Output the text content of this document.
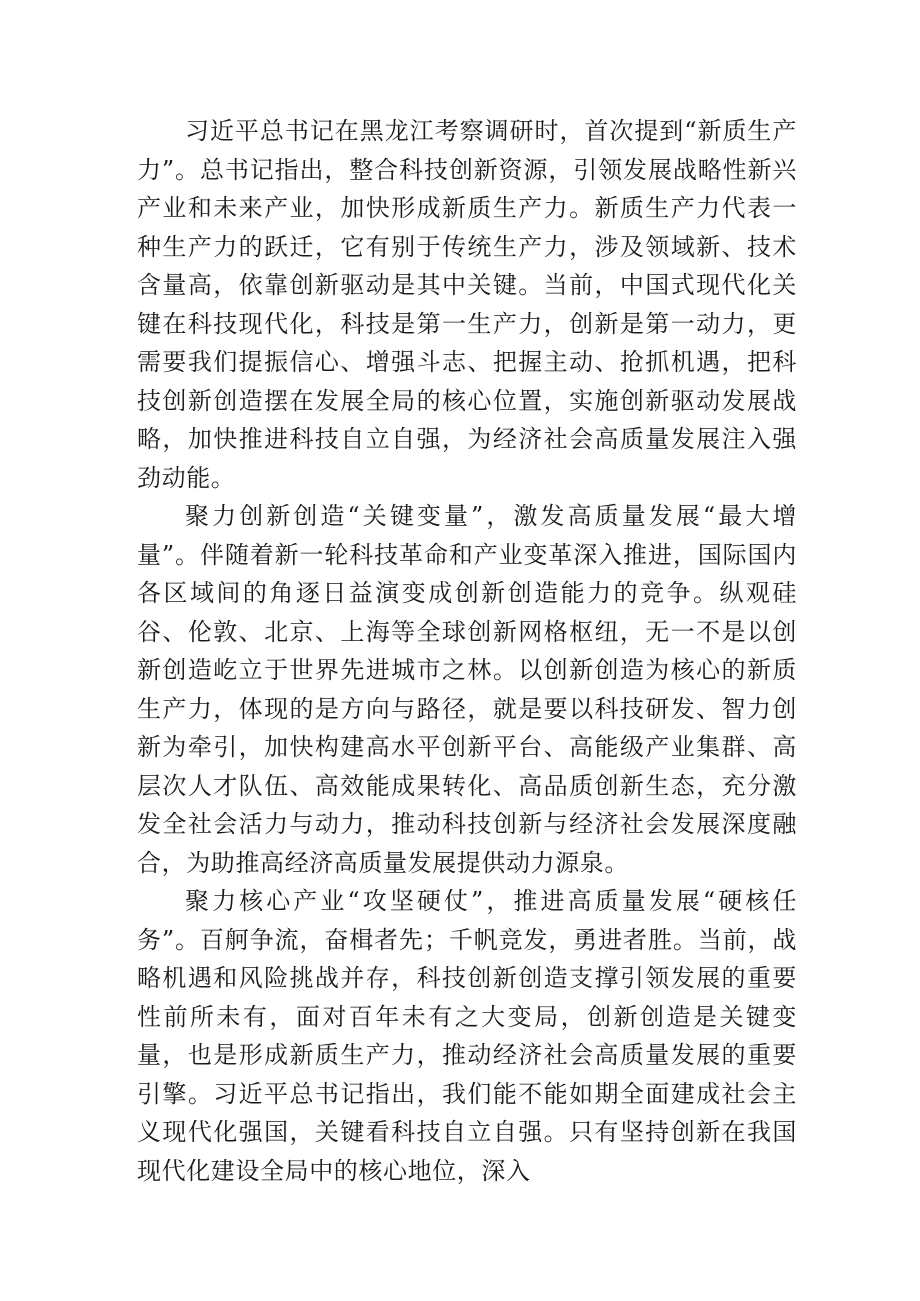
习近平总书记在黑龙江考察调研时，首次提到“新质生产力”。总书记指出，整合科技创新资源，引领发展战略性新兴产业和未来产业，加快形成新质生产力。新质生产力代表一种生产力的跃迁，它有别于传统生产力，涉及领域新、技术含量高，依靠创新驱动是其中关键。当前，中国式现代化关键在科技现代化，科技是第一生产力，创新是第一动力，更需要我们提振信心、增强斗志、把握主动、抢抓机遇，把科技创新创造摆在发展全局的核心位置，实施创新驱动发展战略，加快推进科技自立自强，为经济社会高质量发展注入强劲动能。

聚力创新创造“关键变量”，激发高质量发展“最大增量”。伴随着新一轮科技革命和产业变革深入推进，国际国内各区域间的角逐日益演变成创新创造能力的竞争。纵观硅谷、伦敦、北京、上海等全球创新网格枢纽，无一不是以创新创造屹立于世界先进城市之林。以创新创造为核心的新质生产力，体现的是方向与路径，就是要以科技研发、智力创新为牵引，加快构建高水平创新平台、高能级产业集群、高层次人才队伍、高效能成果转化、高品质创新生态，充分激发全社会活力与动力，推动科技创新与经济社会发展深度融合，为助推高经济高质量发展提供动力源泉。

聚力核心产业“攻坚硬仗”，推进高质量发展“硬核任务”。百舸争流，奋楫者先；千帆竞发，勇进者胜。当前，战略机遇和风险挑战并存，科技创新创造支撑引领发展的重要性前所未有，面对百年未有之大变局，创新创造是关键变量，也是形成新质生产力，推动经济社会高质量发展的重要引擎。习近平总书记指出，我们能不能如期全面建成社会主义现代化强国，关键看科技自立自强。只有坚持创新在我国现代化建设全局中的核心地位，深入
